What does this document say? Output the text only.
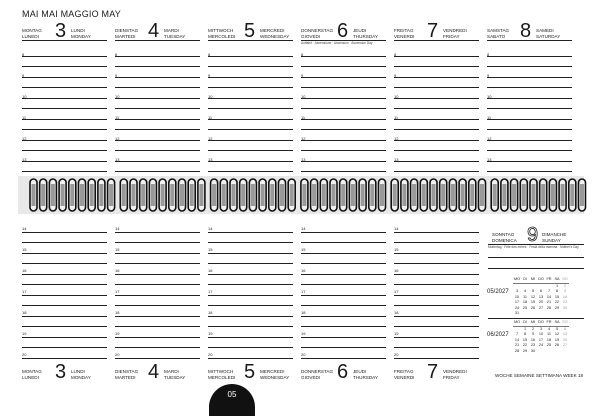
MAI MAI MAGGIO MAY
MONTAG
LUNEDI 3 LUNDI
MONDAY
MONTAG
LUNEDI 3 LUNDI
MONDAY
DIENSTAG
MARTEDI 4 MARDI
TUESDAY
DIENSTAG
MARTEDI 4 MARDI
TUESDAY
MITTWOCH
MERCOLEDI 5 MERCREDI
WEDNESDAY
MITTWOCH
MERCOLEDI 5 MERCREDI
WEDNESDAY
DONNERSTAG
GIOVEDI 6 JEUDI
THURSDAY
DONNERSTAG
GIOVEDI 6 JEUDI
THURSDAY
Auffahrt · Ascensione · Ascension · Ascension Day
FREITAG
VENERDI 7 VENDREDI
FRIDAY
FREITAG
VENERDI 7 VENDREDI
FRIDAY
SAMSTAG
SABATO 8 SAMEDI
SATURDAY
8	8	8	8	8	8
9	9	9	9	9	9
10	10	10	10	10	10
11	11	11	11	11	11
12	12	12	12	12	12
13	13	13	13	13	13
14	14	14	14	14
15	15	15	15	15
16	16	16	16	16
17	17	17	17	17
18	18	18	18	18
19	19	19	19	19
20	20	20	20	20
SONNTAG
DOMENICA 9 DIMANCHE
SUNDAY
Muttertag · Fête des mères · Festa della mamma · Mother's Day
05/2027
MO	DI	MI	DO	FR	SA	SO
					1	2
3	4	5	6	7	8	9
10	11	12	13	14	15	16
17	18	19	20	21	22	23
24	25	26	27	28	29	30
31						
06/2027
MO	DI	MI	DO	FR	SA	SO
	1	2	3	4	5	6
7	8	9	10	11	12	13
14	15	16	17	18	19	20
21	22	23	24	25	26	27
28	29	30				
WOCHE SEMAINE SETTIMANA WEEK 18
05
